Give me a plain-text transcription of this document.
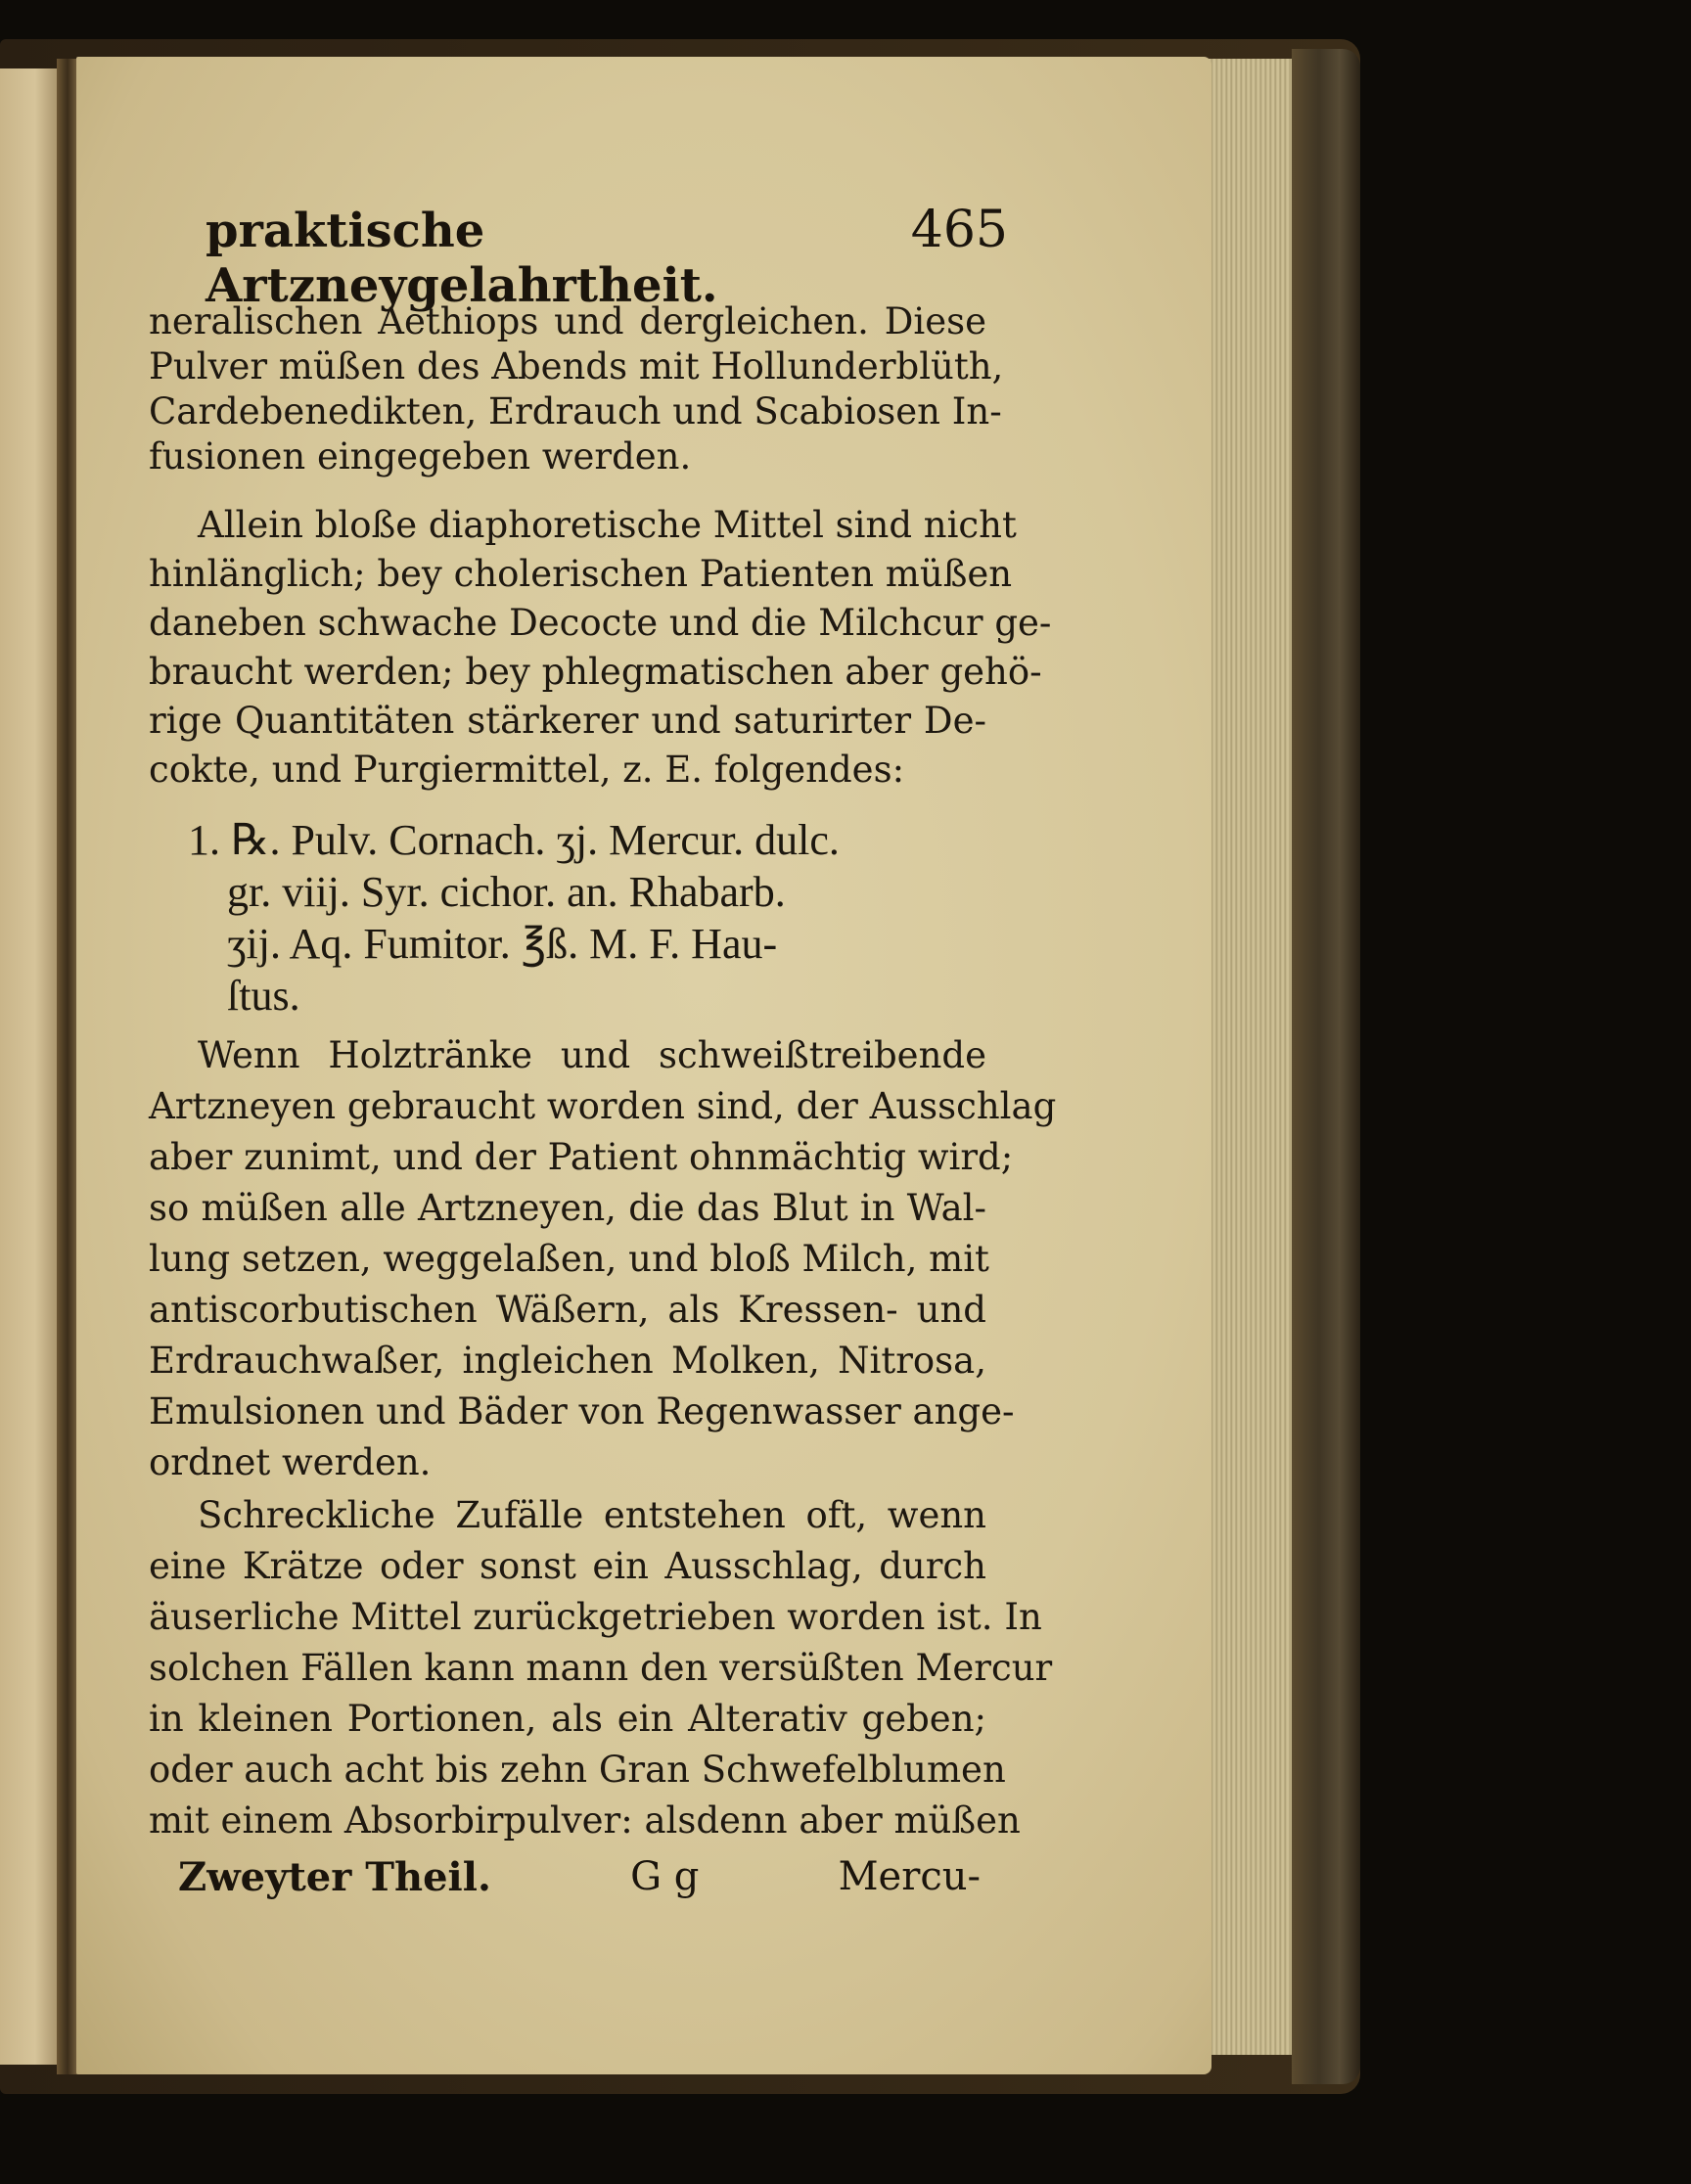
praktische Artzneygelahrtheit.
465
neralischen Aethiops und dergleichen. Diese
Pulver müßen des Abends mit Hollunderblüth,
Cardebenedikten, Erdrauch und Scabiosen In-
fusionen eingegeben werden.
Allein bloße diaphoretische Mittel sind nicht
hinlänglich; bey cholerischen Patienten müßen
daneben schwache Decocte und die Milchcur ge-
braucht werden; bey phlegmatischen aber gehö-
rige Quantitäten stärkerer und saturirter De-
cokte, und Purgiermittel, z. E. folgendes:
1. ℞. Pulv. Cornach. ʒj. Mercur. dulc.
gr. viij. Syr. cichor. an. Rhabarb.
ʒij. Aq. Fumitor. ℥ß. M. F. Hau-
ſtus.
Wenn Holztränke und schweißtreibende
Artzneyen gebraucht worden sind, der Ausschlag
aber zunimt, und der Patient ohnmächtig wird;
so müßen alle Artzneyen, die das Blut in Wal-
lung setzen, weggelaßen, und bloß Milch, mit
antiscorbutischen Wäßern, als Kressen- und
Erdrauchwaßer, ingleichen Molken, Nitrosa,
Emulsionen und Bäder von Regenwasser ange-
ordnet werden.
Schreckliche Zufälle entstehen oft, wenn
eine Krätze oder sonst ein Ausschlag, durch
äuserliche Mittel zurückgetrieben worden ist. In
solchen Fällen kann mann den versüßten Mercur
in kleinen Portionen, als ein Alterativ geben;
oder auch acht bis zehn Gran Schwefelblumen
mit einem Absorbirpulver: alsdenn aber müßen
Zweyter Theil.	G g	Mercu-
